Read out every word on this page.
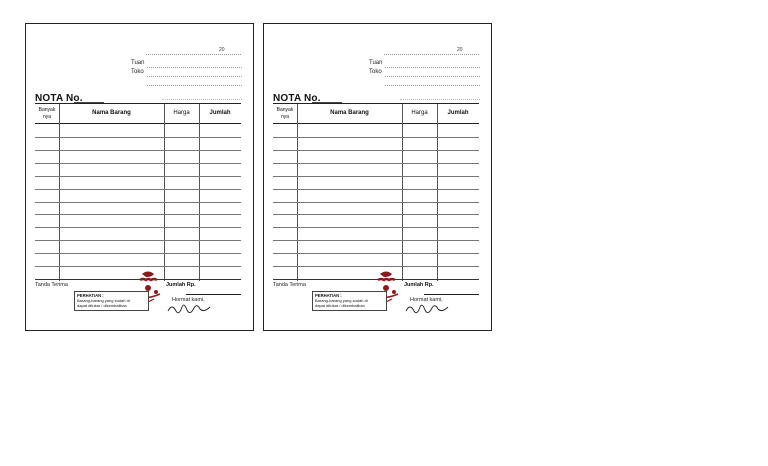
·	20
Tuan
Toko
NOTA No.
Banyak
nya
Nama Barang	Harga	Jumlah
Tanda Terima	Jumlah Rp.
PERHATIAN :
Barang-barang yang sudah di
dapat ditukar / dikembalikan
Hormat kami,
·	20
Tuan
Toko
NOTA No.
Banyak
nya
Nama Barang	Harga	Jumlah
Tanda Terima	Jumlah Rp.
PERHATIAN :
Barang-barang yang sudah di
dapat ditukar / dikembalikan
Hormat kami,
